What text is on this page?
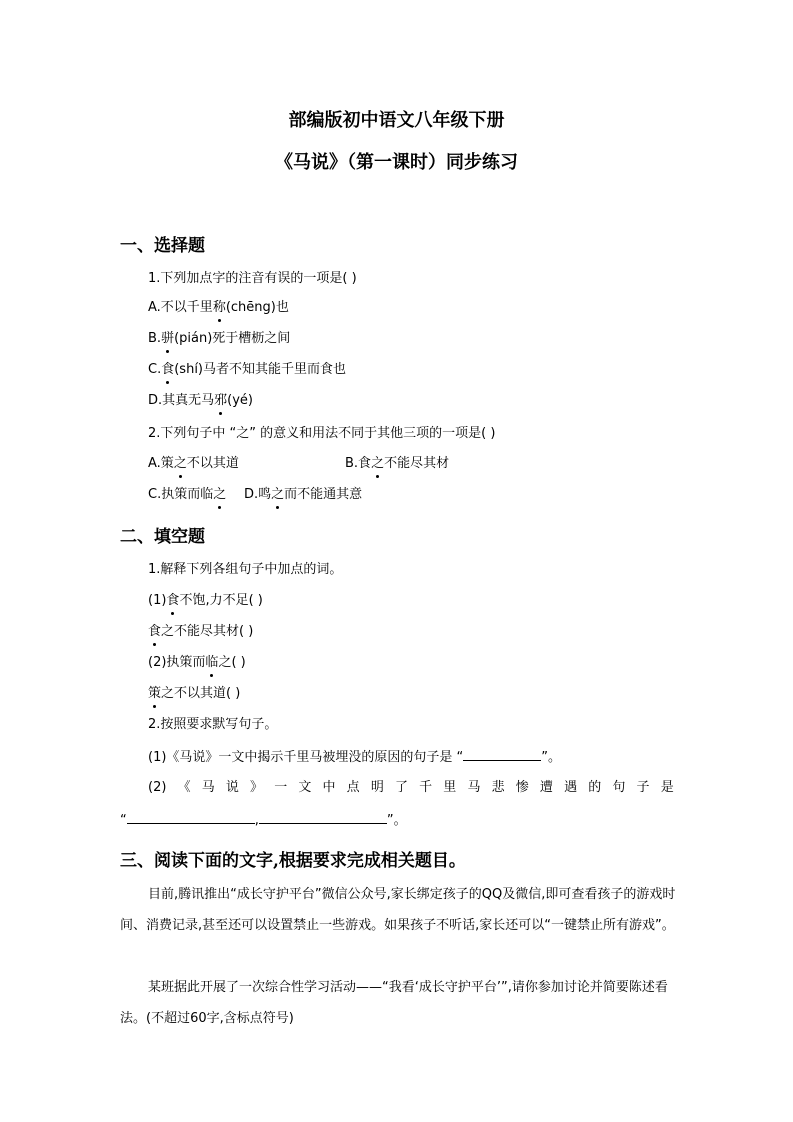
部编版初中语文八年级下册
《马说》（第一课时）同步练习
一、选择题
1.下列加点字的注音有误的一项是( )
A.不以千里称(chēng)也
B.骈(pián)死于槽枥之间
C.食(shí)马者不知其能千里而食也
D.其真无马邪(yé)
2.下列句子中 “之” 的意义和用法不同于其他三项的一项是( )
A.策之不以其道	B.食之不能尽其材
C.执策而临之 D.鸣之而不能通其意
二、填空题
1.解释下列各组句子中加点的词。
(1)食不饱,力不足( )
食之不能尽其材( )
(2)执策而临之( )
策之不以其道( )
2.按照要求默写句子。
(1)《马说》一文中揭示千里马被埋没的原因的句子是 “	”。
(2) 《 马 说 》 一 文 中 点 明 了 千 里 马 悲 惨 遭 遇 的 句 子 是
“	,	”。
三、阅读下面的文字,根据要求完成相关题目。
目前,腾讯推出“成长守护平台”微信公众号,家长绑定孩子的QQ及微信,即可查看孩子的游戏时间、消费记录,甚至还可以设置禁止一些游戏。如果孩子不听话,家长还可以“一键禁止所有游戏”。
某班据此开展了一次综合性学习活动——“我看‘成长守护平台’”,请你参加讨论并简要陈述看法。(不超过60字,含标点符号)
